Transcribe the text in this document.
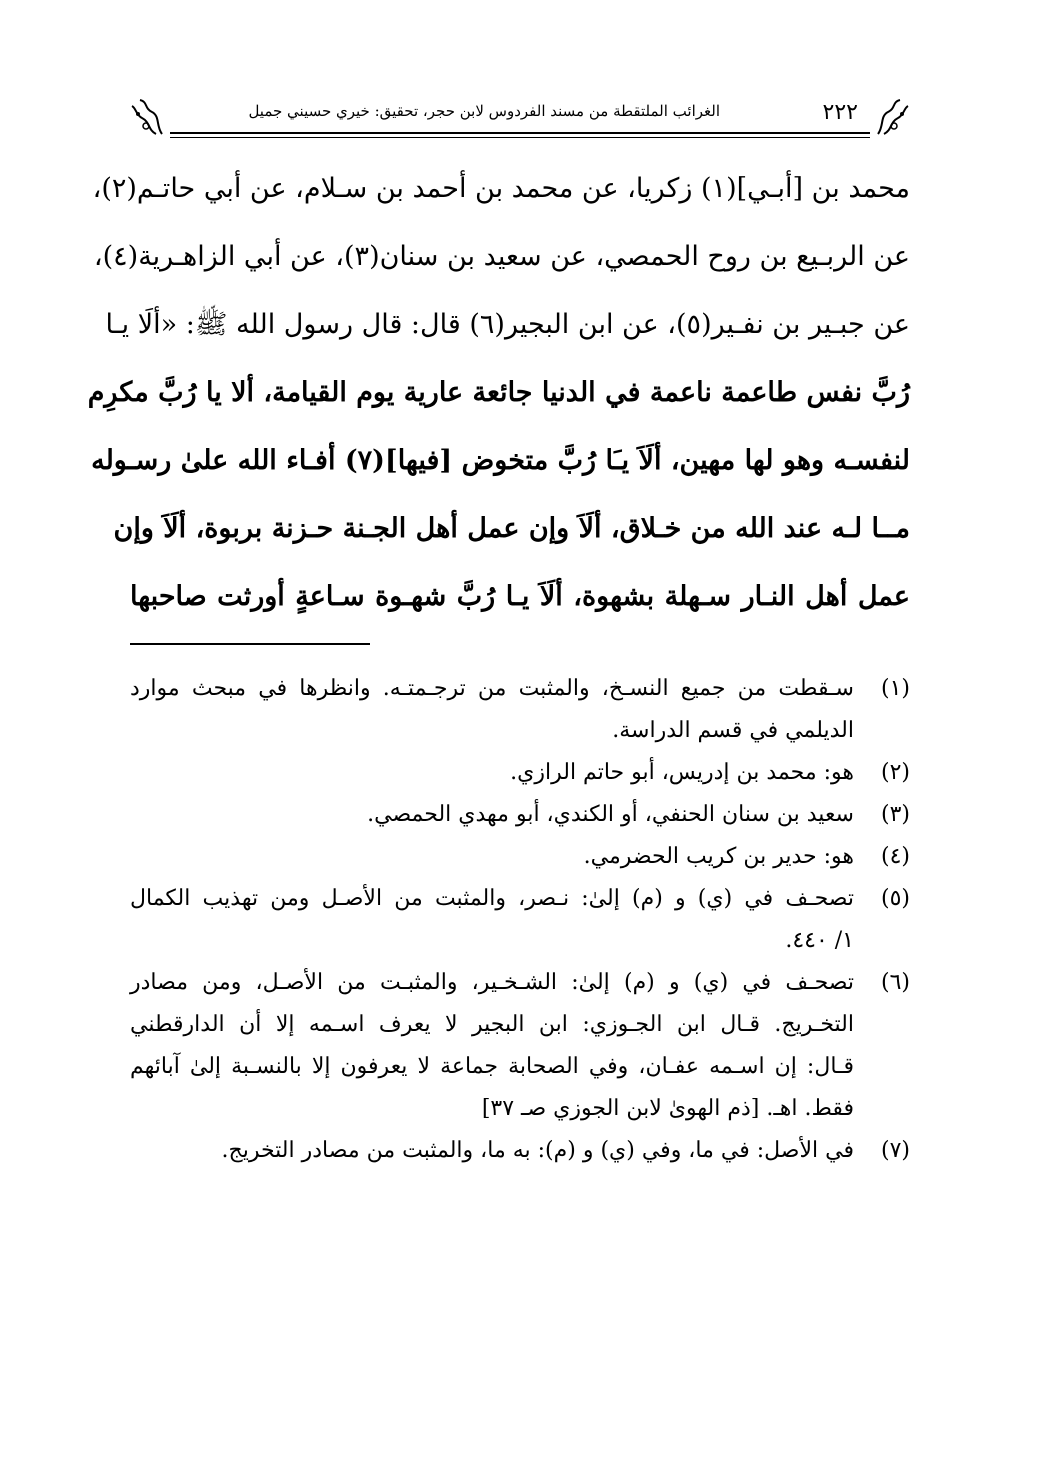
٢٢٢
الغرائب الملتقطة من مسند الفردوس لابن حجر، تحقيق: خيري حسيني جميل
محمد بن [أبـي](١) زكريا، عن محمد بن أحمد بن سـلام، عن أبي حاتـم(٢)،
عن الربـيع بن روح الحمصي، عن سعيد بن سنان(٣)، عن أبي الزاهـرية(٤)،
عن جبـير بن نفـير(٥)، عن ابن البجير(٦) قال: قال رسول الله ﷺ: «ألَا يـا
رُبَّ نفس طاعمة ناعمة في الدنيا جائعة عارية يوم القيامة، ألا يا رُبَّ مكرِم
لنفسـه وهو لها مهين، ألَاَ يـَا رُبَّ متخوض [فيها](٧) أفـاء الله علىٰ رسـوله
مــا لـه عند الله من خـلاق، ألَاَ وإن عمل أهل الجـنة حـزنة بربوة، ألَاَ وإن
عمل أهل النـار سـهلة بشهوة، ألَاَ يـا رُبَّ شهـوة سـاعةٍ أورثت صاحبها
(١)
سـقطت من جميع النسـخ، والمثبت من ترجـمتـه. وانظرها في مبحث موارد
الديلمي في قسم الدراسة.
(٢)
هو: محمد بن إدريس، أبو حاتم الرازي.
(٣)
سعيد بن سنان الحنفي، أو الكندي، أبو مهدي الحمصي.
(٤)
هو: حدير بن كريب الحضرمي.
(٥)
تصحـف في (ي) و (م) إلىٰ: نـصر، والمثبت من الأصـل ومن تهذيب الكمال
١/ ٤٤٠.
(٦)
تصحـف في (ي) و (م) إلىٰ: الشـخـير، والمثبـت من الأصـل، ومن مصادر
التخـريج. قـال ابن الجـوزي: ابن البجير لا يعرف اسـمه إلا أن الدارقطني
قـال: إن اسـمه عفـان، وفي الصحابة جماعة لا يعرفون إلا بالنسـبة إلىٰ آبائهم
فقط. اهـ. [ذم الهوىٰ لابن الجوزي صـ ٣٧]
(٧)
في الأصل: في ما، وفي (ي) و (م): به ما، والمثبت من مصادر التخريج.
